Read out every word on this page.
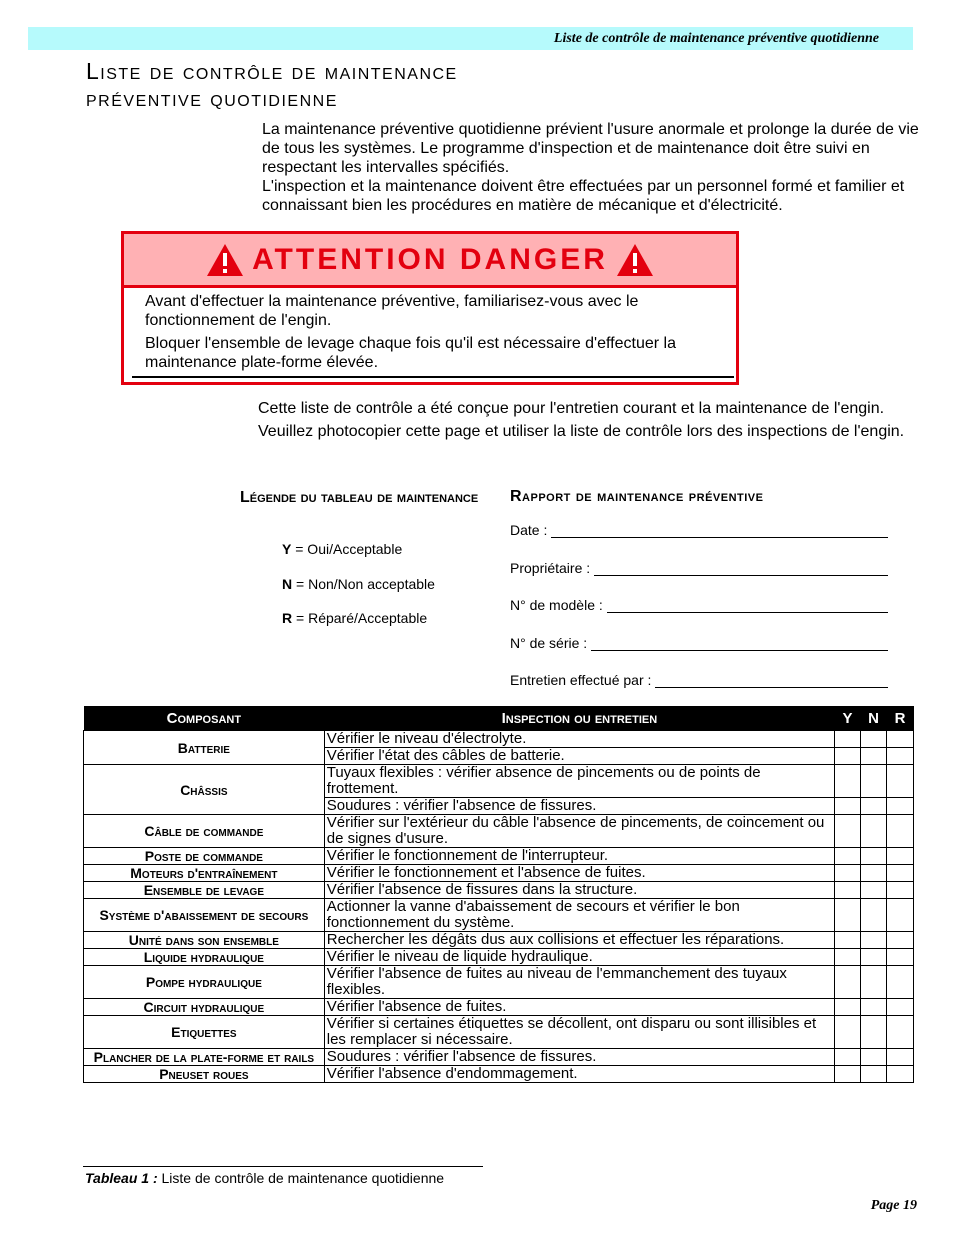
Liste de contrôle de maintenance préventive quotidienne
Liste de contrôle de maintenance
préventive quotidienne

La maintenance préventive quotidienne prévient l'usure anormale et prolonge la durée de vie de tous les systèmes. Le programme d'inspection et de maintenance doit être suivi en respectant les intervalles spécifiés.

L'inspection et la maintenance doivent être effectuées par un personnel formé et familier et connaissant bien les procédures en matière de mécanique et d'électricité.

ATTENTION DANGER

Avant d'effectuer la maintenance préventive, familiarisez-vous avec le fonctionnement de l'engin.

Bloquer l'ensemble de levage chaque fois qu'il est nécessaire d'effectuer la maintenance plate-forme élevée.

Cette liste de contrôle a été conçue pour l'entretien courant et la maintenance de l'engin.

Veuillez photocopier cette page et utiliser la liste de contrôle lors des inspections de l'engin.

Légende du tableau de maintenance
Y = Oui/Acceptable
N = Non/Non acceptable
R = Réparé/Acceptable
Rapport de maintenance préventive
Date :
Propriétaire :
N° de modèle :
N° de série :
Entretien effectué par :
Composant	Inspection ou entretien	Y	N	R
Batterie	Vérifier le niveau d'électrolyte.			
	Vérifier l'état des câbles de batterie.			
Châssis	Tuyaux flexibles : vérifier absence de pincements ou de points de frottement.			
	Soudures : vérifier l'absence de fissures.			
Câble de commande	Vérifier sur l'extérieur du câble l'absence de pincements, de coincement ou de signes d'usure.			
Poste de commande	Vérifier le fonctionnement de l'interrupteur.			
Moteurs d'entraînement	Vérifier le fonctionnement et l'absence de fuites.			
Ensemble de levage	Vérifier l'absence de fissures dans la structure.			
Système d'abaissement de secours	Actionner la vanne d'abaissement de secours et vérifier le bon fonctionnement du système.			
Unité dans son ensemble	Rechercher les dégâts dus aux collisions et effectuer les réparations.			
Liquide hydraulique	Vérifier le niveau de liquide hydraulique.			
Pompe hydraulique	Vérifier l'absence de fuites au niveau de l'emmanchement des tuyaux flexibles.			
Circuit hydraulique	Vérifier l'absence de fuites.			
Etiquettes	Vérifier si certaines étiquettes se décollent, ont disparu ou sont illisibles et les remplacer si nécessaire.			
Plancher de la plate-forme et rails	Soudures : vérifier l'absence de fissures.			
Pneuset roues	Vérifier l'absence d'endommagement.			
Tableau 1 : Liste de contrôle de maintenance quotidienne
Page 19
